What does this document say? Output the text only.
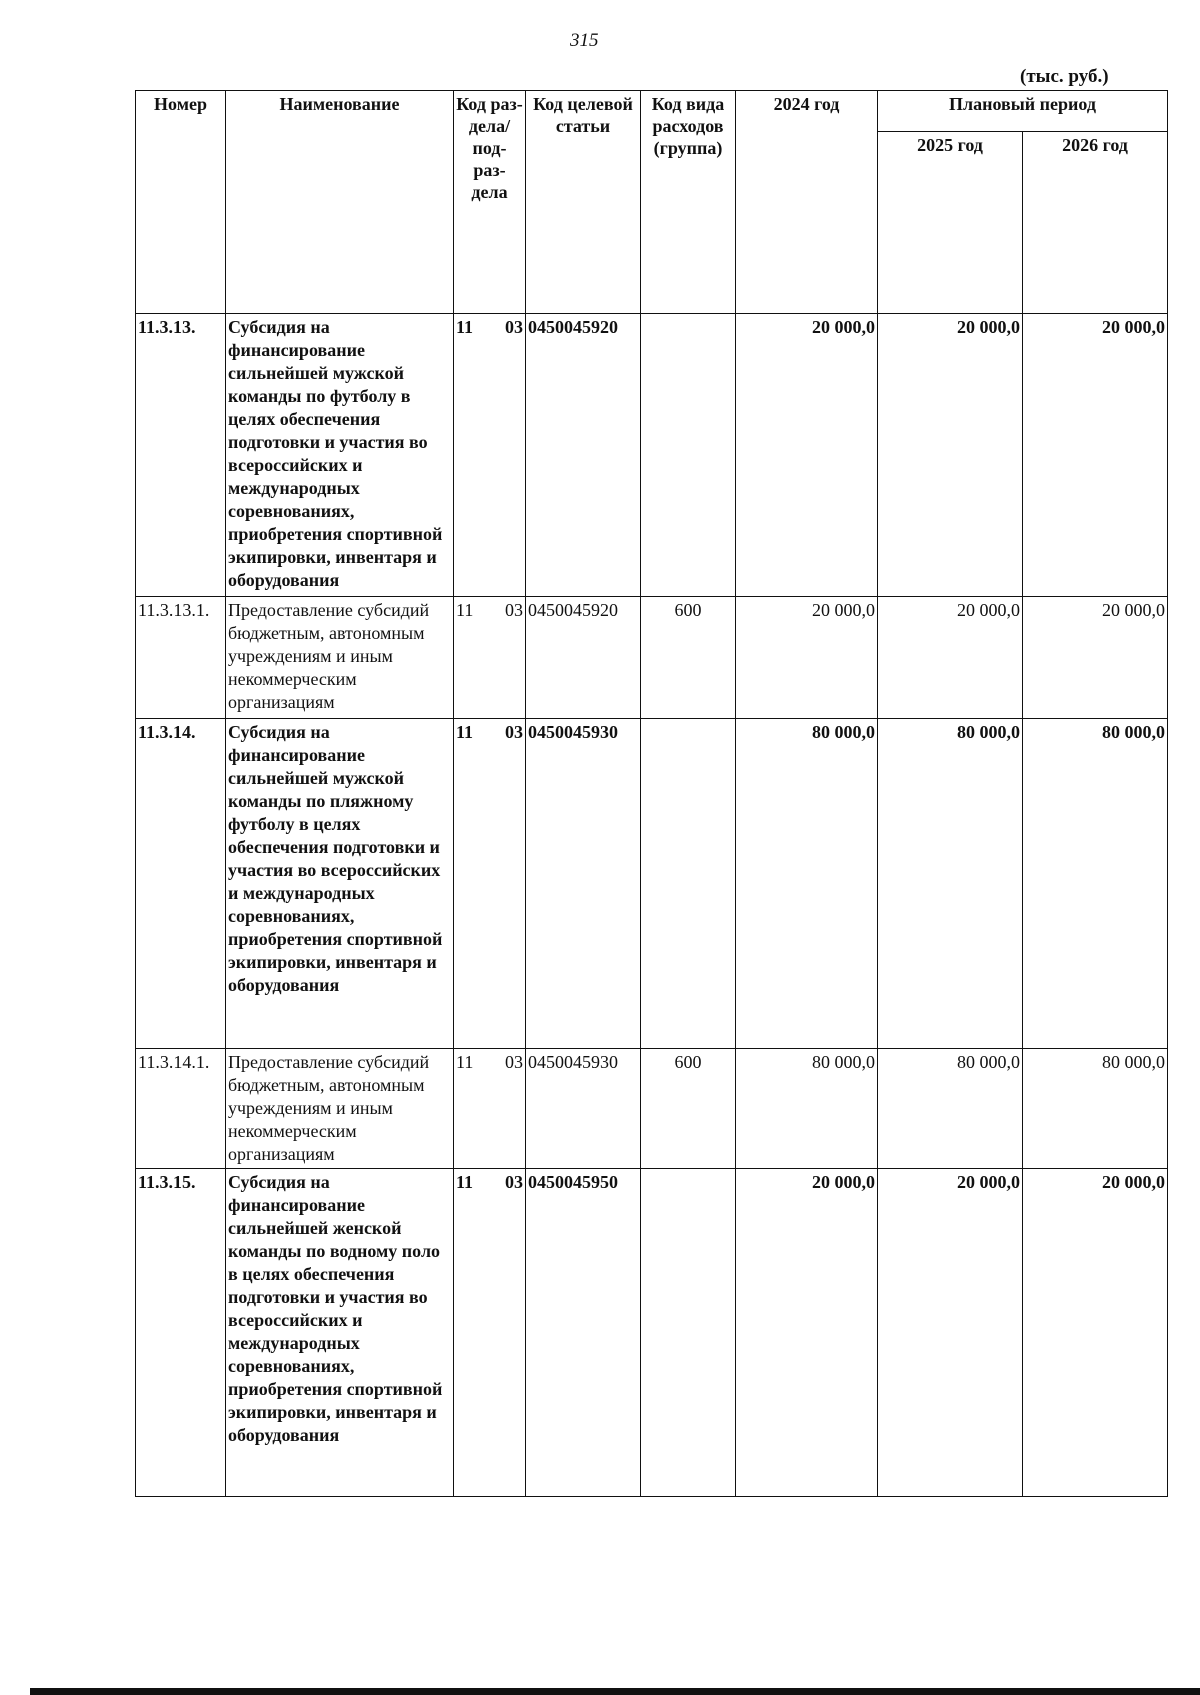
315
(тыс. руб.)
Номер	Наименование	Код раз- дела/ под- раз- дела	Код целевой статьи	Код вида расходов (группа)	2024 год	Плановый период	
						2025 год	2026 год
11.3.13.	Субсидия на финансирование сильнейшей мужской команды по футболу в целях обеспечения подготовки и участия во всероссийских и международных соревнованиях, приобретения спортивной экипировки, инвентаря и оборудования	11 03	0450045920		20 000,0	20 000,0	20 000,0
11.3.13.1.	Предоставление субсидий бюджетным, автономным учреждениям и иным некоммерческим организациям	11 03	0450045920	600	20 000,0	20 000,0	20 000,0
11.3.14.	Субсидия на финансирование сильнейшей мужской команды по пляжному футболу в целях обеспечения подготовки и участия во всероссийских и международных соревнованиях, приобретения спортивной экипировки, инвентаря и оборудования	11 03	0450045930		80 000,0	80 000,0	80 000,0
11.3.14.1.	Предоставление субсидий бюджетным, автономным учреждениям и иным некоммерческим организациям	11 03	0450045930	600	80 000,0	80 000,0	80 000,0
11.3.15.	Субсидия на финансирование сильнейшей женской команды по водному поло в целях обеспечения подготовки и участия во всероссийских и международных соревнованиях, приобретения спортивной экипировки, инвентаря и оборудования	11 03	0450045950		20 000,0	20 000,0	20 000,0
